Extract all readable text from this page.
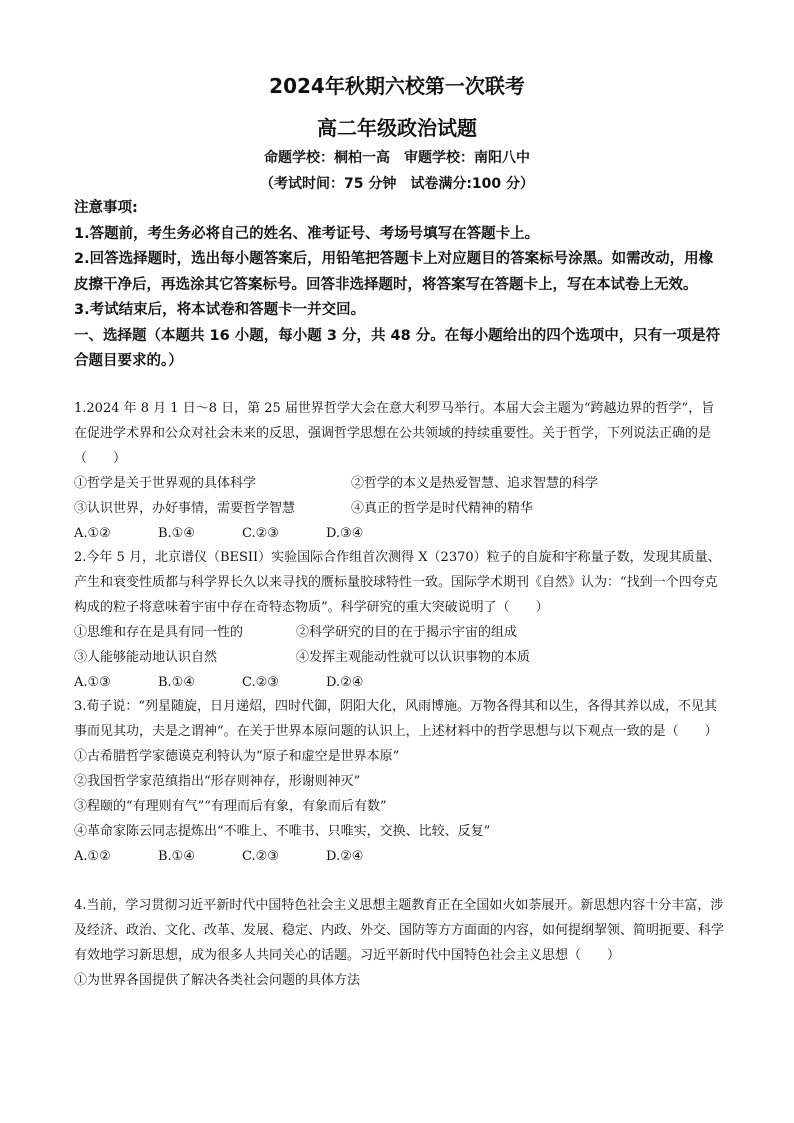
2024年秋期六校第一次联考
高二年级政治试题
命题学校：桐柏一高　审题学校：南阳八中
（考试时间：75 分钟　试卷满分:100 分）

注意事项:

1.答题前，考生务必将自己的姓名、准考证号、考场号填写在答题卡上。

2.回答选择题时，选出每小题答案后，用铅笔把答题卡上对应题目的答案标号涂黑。如需改动，用橡皮擦干净后，再选涂其它答案标号。回答非选择题时，将答案写在答题卡上，写在本试卷上无效。

3.考试结束后，将本试卷和答题卡一并交回。

一、选择题（本题共 16 小题，每小题 3 分，共 48 分。在每小题给出的四个选项中，只有一项是符合题目要求的。）

1.2024 年 8 月 1 日～8 日，第 25 届世界哲学大会在意大利罗马举行。本届大会主题为“跨越边界的哲学”，旨在促进学术界和公众对社会未来的反思，强调哲学思想在公共领域的持续重要性。关于哲学，下列说法正确的是（　　）

①哲学是关于世界观的具体科学	②哲学的本义是热爱智慧、追求智慧的科学
③认识世界，办好事情，需要哲学智慧	④真正的哲学是时代精神的精华
A.①②	B.①④	C.②③	D.③④

2.今年 5 月，北京谱仪（BESII）实验国际合作组首次测得 X（2370）粒子的自旋和宇称量子数，发现其质量、产生和衰变性质都与科学界长久以来寻找的赝标量胶球特性一致。国际学术期刊《自然》认为：“找到一个四夸克构成的粒子将意味着宇宙中存在奇特态物质”。科学研究的重大突破说明了（　　）

①思维和存在是具有同一性的	②科学研究的目的在于揭示宇宙的组成
③人能够能动地认识自然	④发挥主观能动性就可以认识事物的本质
A.①③	B.①④	C.②③	D.②④

3.荀子说：“列星随旋，日月递炤，四时代御，阴阳大化，风雨博施。万物各得其和以生，各得其养以成，不见其事而见其功，夫是之谓神”。在关于世界本原问题的认识上，上述材料中的哲学思想与以下观点一致的是（　　）

①古希腊哲学家德谟克利特认为“原子和虚空是世界本原”

②我国哲学家范缜指出“形存则神存，形谢则神灭”

③程颐的“有理则有气”“有理而后有象，有象而后有数”

④革命家陈云同志提炼出“不唯上、不唯书、只唯实，交换、比较、反复”

A.①②	B.①④	C.②③	D.②④

4.当前，学习贯彻习近平新时代中国特色社会主义思想主题教育正在全国如火如荼展开。新思想内容十分丰富，涉及经济、政治、文化、改革、发展、稳定、内政、外交、国防等方方面面的内容，如何提纲挈领、简明扼要、科学有效地学习新思想，成为很多人共同关心的话题。习近平新时代中国特色社会主义思想（　　）

①为世界各国提供了解决各类社会问题的具体方法
